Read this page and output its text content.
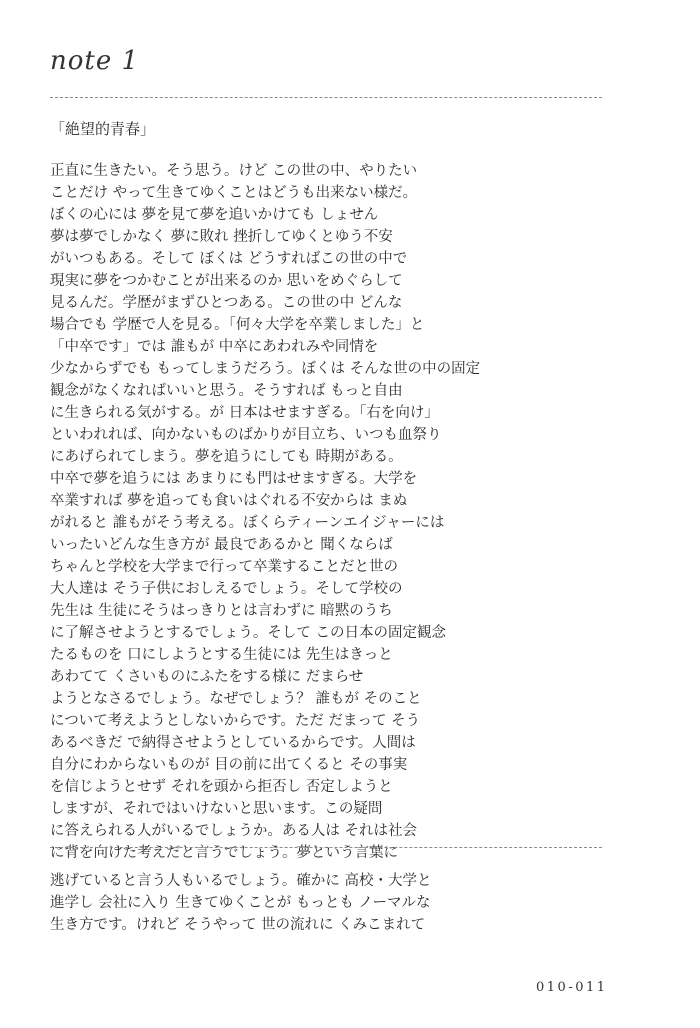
note 1
「絶望的青春」
正直に生きたい。そう思う。けど この世の中、やりたい
ことだけ やって生きてゆくことはどうも出来ない様だ。
ぼくの心には 夢を見て夢を追いかけても しょせん
夢は夢でしかなく 夢に敗れ 挫折してゆくとゆう不安
がいつもある。そして ぼくは どうすればこの世の中で
現実に夢をつかむことが出来るのか 思いをめぐらして
見るんだ。学歴がまずひとつある。この世の中 どんな
場合でも 学歴で人を見る。「何々大学を卒業しました」と
「中卒です」では 誰もが 中卒にあわれみや同情を
少なからずでも もってしまうだろう。ぼくは そんな世の中の固定
観念がなくなればいいと思う。そうすれば もっと自由
に生きられる気がする。が 日本はせますぎる。「右を向け」
といわれれば、向かないものばかりが目立ち、いつも血祭り
にあげられてしまう。夢を追うにしても 時期がある。
中卒で夢を追うには あまりにも門はせますぎる。大学を
卒業すれば 夢を追っても食いはぐれる不安からは まぬ
がれると 誰もがそう考える。ぼくらティーンエイジャーには
いったいどんな生き方が 最良であるかと 聞くならば
ちゃんと学校を大学まで行って卒業することだと世の
大人達は そう子供におしえるでしょう。そして学校の
先生は 生徒にそうはっきりとは言わずに 暗黙のうち
に了解させようとするでしょう。そして この日本の固定観念
たるものを 口にしようとする生徒には 先生はきっと
あわてて くさいものにふたをする様に だまらせ
ようとなさるでしょう。なぜでしょう？ 誰もが そのこと
について考えようとしないからです。ただ だまって そう
あるべきだ で納得させようとしているからです。人間は
自分にわからないものが 目の前に出てくると その事実
を信じようとせず それを頭から拒否し 否定しようと
しますが、それではいけないと思います。この疑問
に答えられる人がいるでしょうか。ある人は それは社会
に背を向けた考えだと言うでしょう。夢という言葉に
逃げていると言う人もいるでしょう。確かに 高校・大学と
進学し 会社に入り 生きてゆくことが もっとも ノーマルな
生き方です。けれど そうやって 世の流れに くみこまれて
010-011
